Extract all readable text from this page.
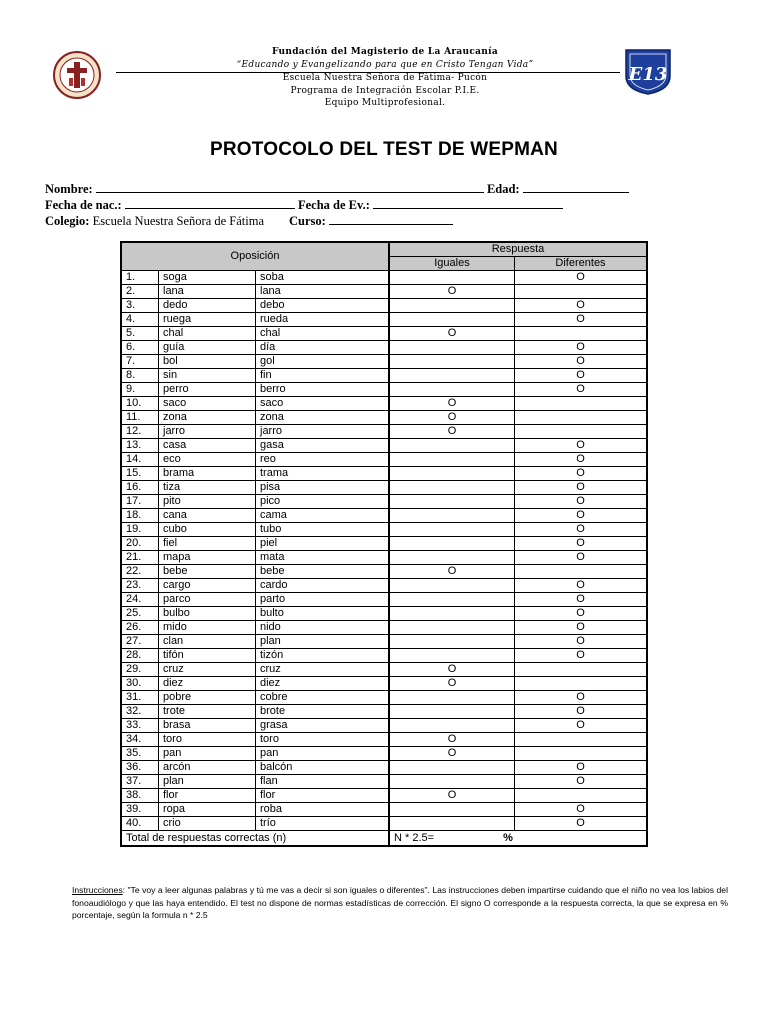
Fundación del Magisterio de La Araucanía
“Educando y Evangelizando para que en Cristo Tengan Vida”
Escuela Nuestra Señora de Fátima- Pucón
Programa de Integración Escolar P.I.E.
Equipo Multiprofesional.
E13
PROTOCOLO DEL TEST DE WEPMAN
Nombre:	Edad:
Fecha de nac.:	Fecha de Ev.:
Colegio: Escuela Nuestra Señora de Fátima Curso:
Oposición			Respuesta	
			Iguales	Diferentes
1.	soga	soba		O
2.	lana	lana	O	
3.	dedo	debo		O
4.	ruega	rueda		O
5.	chal	chal	O	
6.	guía	día		O
7.	bol	gol		O
8.	sin	fin		O
9.	perro	berro		O
10.	saco	saco	O	
11.	zona	zona	O	
12.	jarro	jarro	O	
13.	casa	gasa		O
14.	eco	reo		O
15.	brama	trama		O
16.	tiza	pisa		O
17.	pito	pico		O
18.	cana	cama		O
19.	cubo	tubo		O
20.	fiel	piel		O
21.	mapa	mata		O
22.	bebe	bebe	O	
23.	cargo	cardo		O
24.	parco	parto		O
25.	bulbo	bulto		O
26.	mido	nido		O
27.	clan	plan		O
28.	tifón	tizón		O
29.	cruz	cruz	O	
30.	diez	diez	O	
31.	pobre	cobre		O
32.	trote	brote		O
33.	brasa	grasa		O
34.	toro	toro	O	
35.	pan	pan	O	
36.	arcón	balcón		O
37.	plan	flan		O
38.	flor	flor	O	
39.	ropa	roba		O
40.	crio	trío		O
Total de respuestas correctas (n)			N * 2.5= %	
Instrucciones: "Te voy a leer algunas palabras y tú me vas a decir si son iguales o diferentes". Las instrucciones deben impartirse cuidando que el niño no vea los labios del fonoaudiólogo y que las haya entendido. El test no dispone de normas estadísticas de corrección. El signo O corresponde a la respuesta correcta, la que se expresa en % porcentaje, según la formula n * 2.5
